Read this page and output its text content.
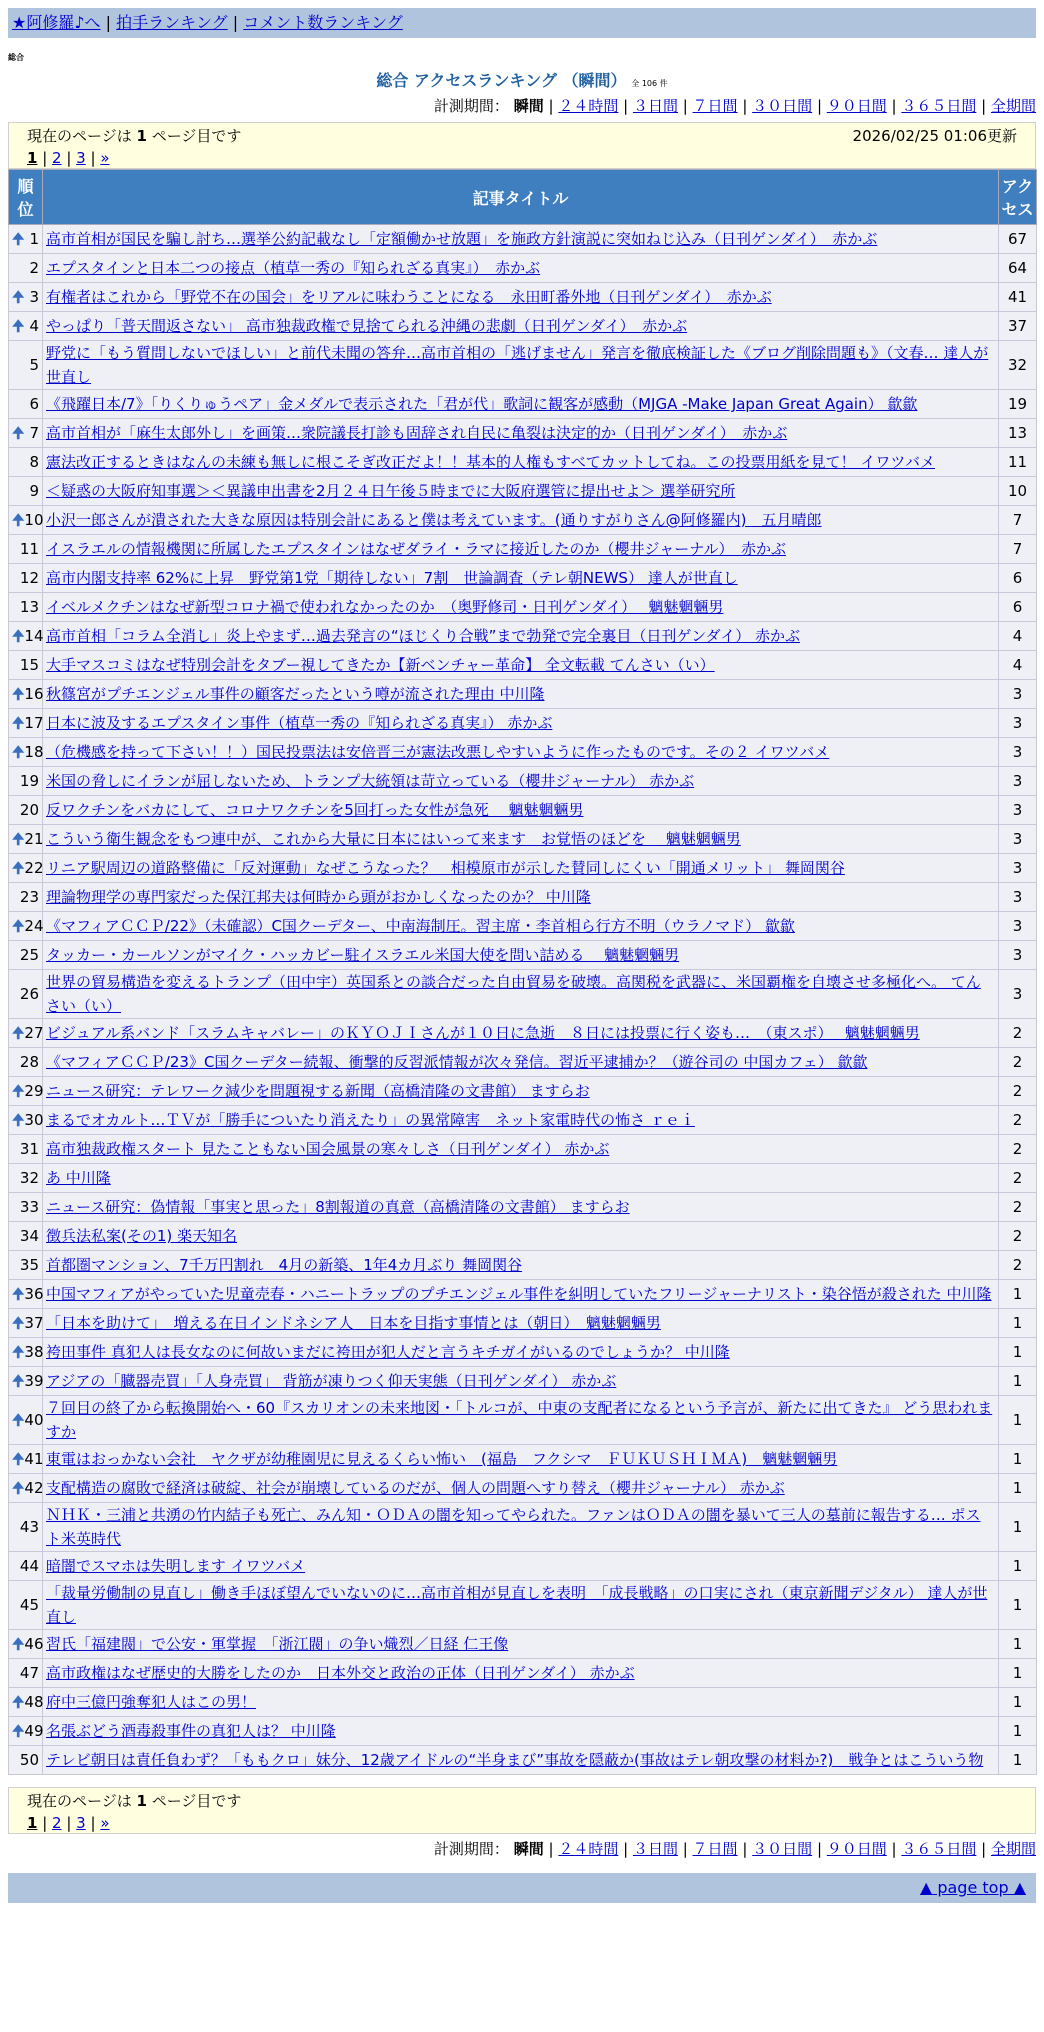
★阿修羅♪へ | 拍手ランキング | コメント数ランキング
総合
総合 アクセスランキング （瞬間） 全 106 件
計測期間： 瞬間 | ２４時間 | ３日間 | ７日間 | ３０日間 | ９０日間 | ３６５日間 | 全期間
現在のページは 1 ページ目です	2026/02/25 01:06更新
1 | 2 | 3 | »
順位	記事タイトル	アクセス

🠉 1	高市首相が国民を騙し討ち…選挙公約記載なし「定額働かせ放題」を施政方針演説に突如ねじ込み（日刊ゲンダイ）　赤かぶ	67
2	エプスタインと日本二つの接点（植草一秀の『知られざる真実』）　赤かぶ	64

🠉 3	有権者はこれから「野党不在の国会」をリアルに味わうことになる　永田町番外地（日刊ゲンダイ）　赤かぶ	41

🠉 4	やっぱり「普天間返さない」 高市独裁政権で見捨てられる沖縄の悲劇（日刊ゲンダイ）　赤かぶ	37
5	野党に「もう質問しないでほしい」と前代未聞の答弁…高市首相の「逃げません」発言を徹底検証した《ブログ削除問題も》（文春… 達人が世直し	32
6	《飛躍日本/7》「りくりゅうペア」金メダルで表示された「君が代」歌詞に観客が感動（MJGA -Make Japan Great Again） 歙歙	19

🠉 7	高市首相が「麻生太郎外し」を画策…衆院議長打診も固辞され自民に亀裂は決定的か（日刊ゲンダイ）　赤かぶ	13
8	憲法改正するときはなんの未練も無しに根こそぎ改正だよ！！基本的人権もすべてカットしてね。この投票用紙を見て！ イワツバメ	11
9	＜疑惑の大阪府知事選＞＜異議申出書を2月２４日午後５時までに大阪府選管に提出せよ＞ 選挙研究所	10

🠉 10	小沢一郎さんが潰された大きな原因は特別会計にあると僕は考えています。(通りすがりさん@阿修羅内)　五月晴郎	7
11	イスラエルの情報機関に所属したエプスタインはなぜダライ・ラマに接近したのか（櫻井ジャーナル）　赤かぶ	7
12	高市内閣支持率 62%に上昇　野党第1党「期待しない」7割　世論調査（テレ朝NEWS） 達人が世直し	6
13	イベルメクチンはなぜ新型コロナ禍で使われなかったのか　（奥野修司・日刊ゲンダイ）　 魑魅魍魎男	6

🠉 14	高市首相「コラム全消し」炎上やまず…過去発言の“ほじくり合戦”まで勃発で完全裏目（日刊ゲンダイ） 赤かぶ	4
15	大手マスコミはなぜ特別会計をタブー視してきたか【新ベンチャー革命】 全文転載 てんさい（い）	4

🠉 16	秋篠宮がプチエンジェル事件の顧客だったという噂が流された理由 中川隆	3

🠉 17	日本に波及するエプスタイン事件（植草一秀の『知られざる真実』） 赤かぶ	3

🠉 18	（危機感を持って下さい！！）国民投票法は安倍晋三が憲法改悪しやすいように作ったものです。その２ イワツバメ	3
19	米国の脅しにイランが屈しないため、トランプ大統領は苛立っている（櫻井ジャーナル） 赤かぶ	3
20	反ワクチンをバカにして、コロナワクチンを5回打った女性が急死　 魑魅魍魎男	3

🠉 21	こういう衛生観念をもつ連中が、これから大量に日本にはいって来ます　お覚悟のほどを　 魑魅魍魎男	3

🠉 22	リニア駅周辺の道路整備に「反対運動」なぜこうなった？　相模原市が示した賛同しにくい「開通メリット」 舞岡関谷	3
23	理論物理学の専門家だった保江邦夫は何時から頭がおかしくなったのか？ 中川隆	3

🠉 24	《マフィアＣＣＰ/22》（未確認）C国クーデター、中南海制圧。習主席・李首相ら行方不明（ウラノマド） 歙歙	3
25	タッカー・カールソンがマイク・ハッカビー駐イスラエル米国大使を問い詰める　 魑魅魍魎男	3
26	世界の貿易構造を変えるトランプ（田中宇）英国系との談合だった自由貿易を破壊。高関税を武器に、米国覇権を自壊させ多極化へ。 てんさい（い）	3

🠉 27	ビジュアル系バンド「スラムキャバレー」のＫＹＯＪＩさんが１０日に急逝　８日には投票に行く姿も…　（東スポ）　 魑魅魍魎男	2
28	《マフィアＣＣＰ/23》C国クーデター続報、衝撃的反習派情報が次々発信。習近平逮捕か？（遊谷司の 中国カフェ） 歙歙	2

🠉 29	ニュース研究：テレワーク減少を問題視する新聞（高橋清隆の文書館） ますらお	2

🠉 30	まるでオカルト…ＴＶが「勝手についたり消えたり」の異常障害　ネット家電時代の怖さ ｒｅｉ	2
31	高市独裁政権スタート 見たこともない国会風景の寒々しさ（日刊ゲンダイ） 赤かぶ	2
32	あ 中川隆	2
33	ニュース研究：偽情報「事実と思った」8割報道の真意（高橋清隆の文書館） ますらお	2
34	徴兵法私案(その1) 楽天知名	2
35	首都圏マンション、7千万円割れ　4月の新築、1年4カ月ぶり 舞岡関谷	2

🠉 36	中国マフィアがやっていた児童売春・ハニートラップのプチエンジェル事件を糾明していたフリージャーナリスト・染谷悟が殺された 中川隆	1

🠉 37	「日本を助けて」　増える在日インドネシア人　日本を目指す事情とは（朝日）　魑魅魍魎男	1

🠉 38	袴田事件 真犯人は長女なのに何故いまだに袴田が犯人だと言うキチガイがいるのでしょうか？ 中川隆	1

🠉 39	アジアの「臓器売買」「人身売買」 背筋が凍りつく仰天実態（日刊ゲンダイ） 赤かぶ	1

🠉 40	７回目の終了から転換開始へ・60『スカリオンの未来地図・「トルコが、中東の支配者になるという予言が、新たに出てきた』 どう思われますか	1

🠉 41	東電はおっかない会社　ヤクザが幼稚園児に見えるくらい怖い　(福島　フクシマ　ＦＵＫＵＳＨＩＭＡ)　魑魅魍魎男	1

🠉 42	支配構造の腐敗で経済は破綻、社会が崩壊しているのだが、個人の問題へすり替え（櫻井ジャーナル） 赤かぶ	1
43	ＮＨＫ・三浦と共湧の竹内結子も死亡、みん知・ＯＤＡの闇を知ってやられた。ファンはＯＤＡの闇を暴いて三人の墓前に報告する… ポスト米英時代	1
44	暗闇でスマホは失明します イワツバメ	1
45	「裁量労働制の見直し」働き手ほぼ望んでいないのに…高市首相が見直しを表明　「成長戦略」の口実にされ（東京新聞デジタル） 達人が世直し	1

🠉 46	習氏「福建閥」で公安・軍掌握　「浙江閥」の争い熾烈／日経 仁王像	1
47	高市政権はなぜ歴史的大勝をしたのか　日本外交と政治の正体（日刊ゲンダイ） 赤かぶ	1

🠉 48	府中三億円強奪犯人はこの男！	1

🠉 49	名張ぶどう酒毒殺事件の真犯人は？ 中川隆	1
50	テレビ朝日は責任負わず？「ももクロ」妹分、12歳アイドルの“半身まび”事故を隠蔽か(事故はテレ朝攻撃の材料か?)　戦争とはこういう物	1
現在のページは 1 ページ目です
1 | 2 | 3 | »
計測期間： 瞬間 | ２４時間 | ３日間 | ７日間 | ３０日間 | ９０日間 | ３６５日間 | 全期間
▲ page top ▲
